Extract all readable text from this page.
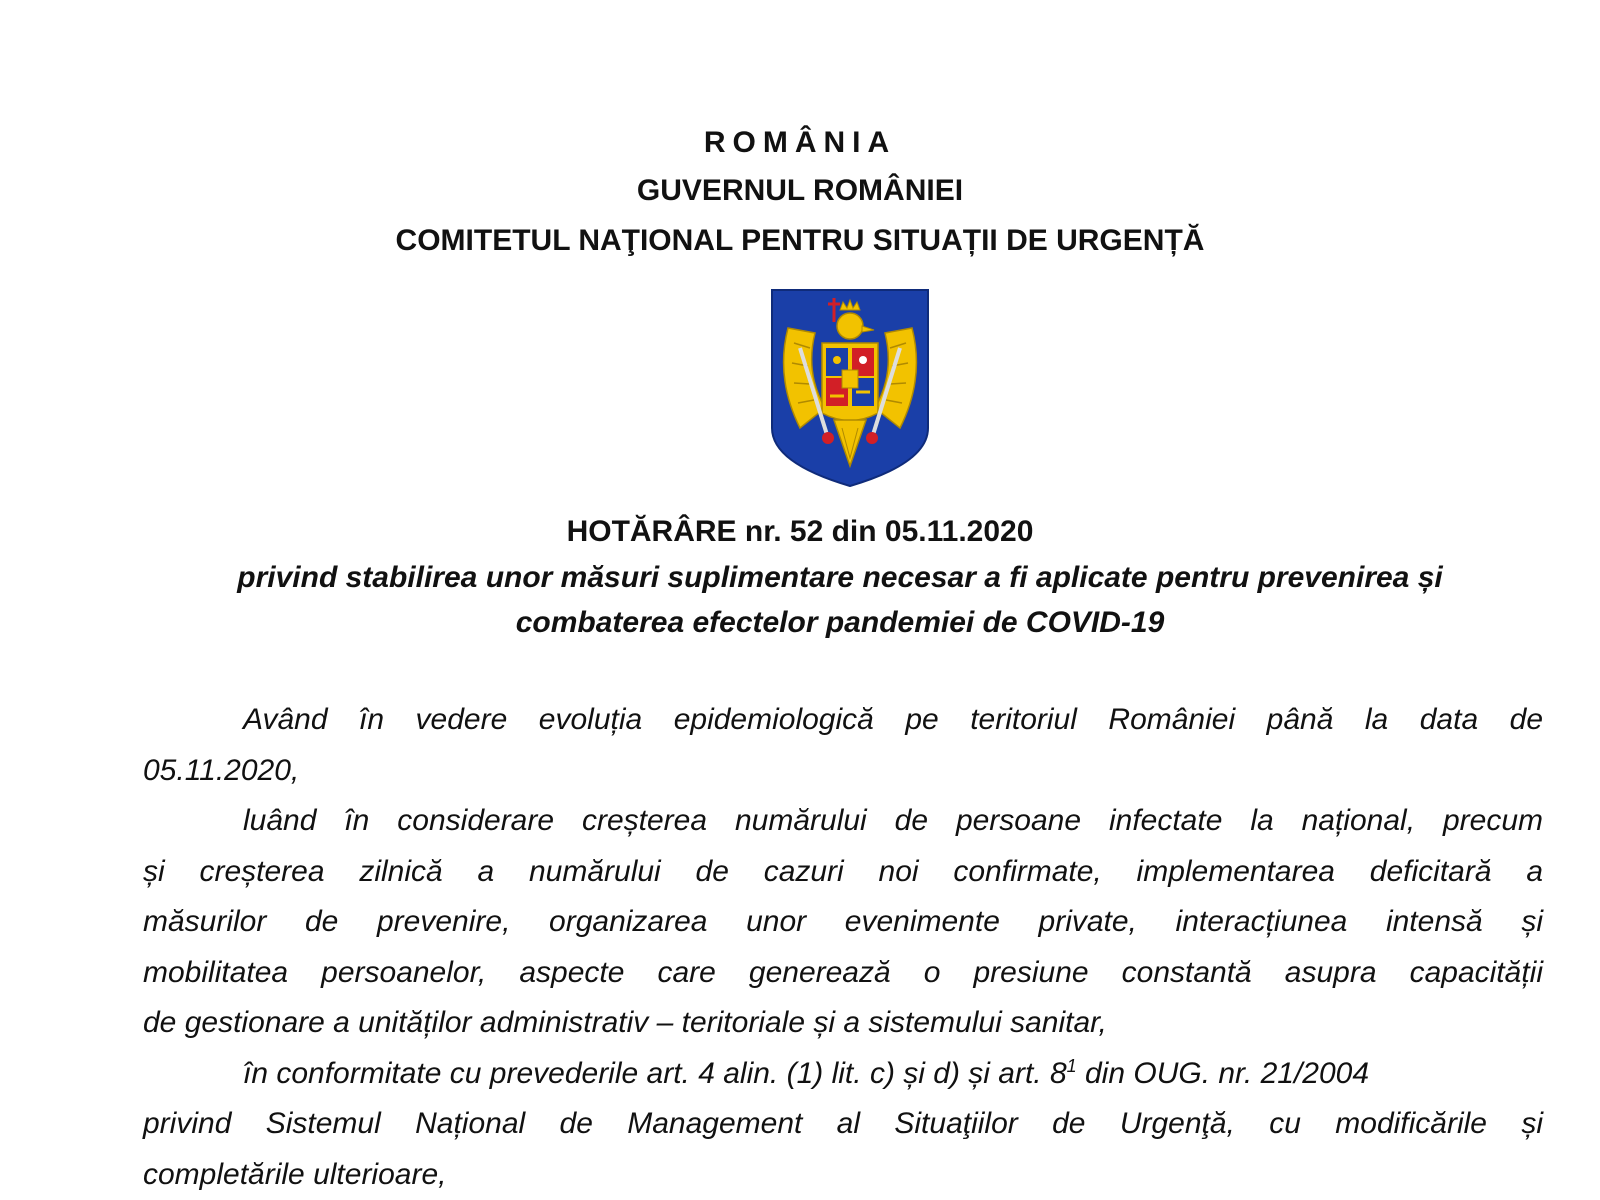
ROMÂNIA
GUVERNUL ROMÂNIEI
COMITETUL NAŢIONAL PENTRU SITUAȚII DE URGENȚĂ
HOTĂRÂRE nr. 52 din 05.11.2020
privind stabilirea unor măsuri suplimentare necesar a fi aplicate pentru prevenirea și
combaterea efectelor pandemiei de COVID-19
Având în vedere evoluția epidemiologică pe teritoriul României până la data de
05.11.2020,
luând în considerare creșterea numărului de persoane infectate la național, precum
și creșterea zilnică a numărului de cazuri noi confirmate, implementarea deficitară a
măsurilor de prevenire, organizarea unor evenimente private, interacțiunea intensă și
mobilitatea persoanelor, aspecte care generează o presiune constantă asupra capacității
de gestionare a unităților administrativ – teritoriale și a sistemului sanitar,
în conformitate cu prevederile art. 4 alin. (1) lit. c) și d) și art. $8^1$ din OUG. nr. 21/2004
privind Sistemul Național de Management al Situaţiilor de Urgenţă, cu modificările și
completările ulterioare,
